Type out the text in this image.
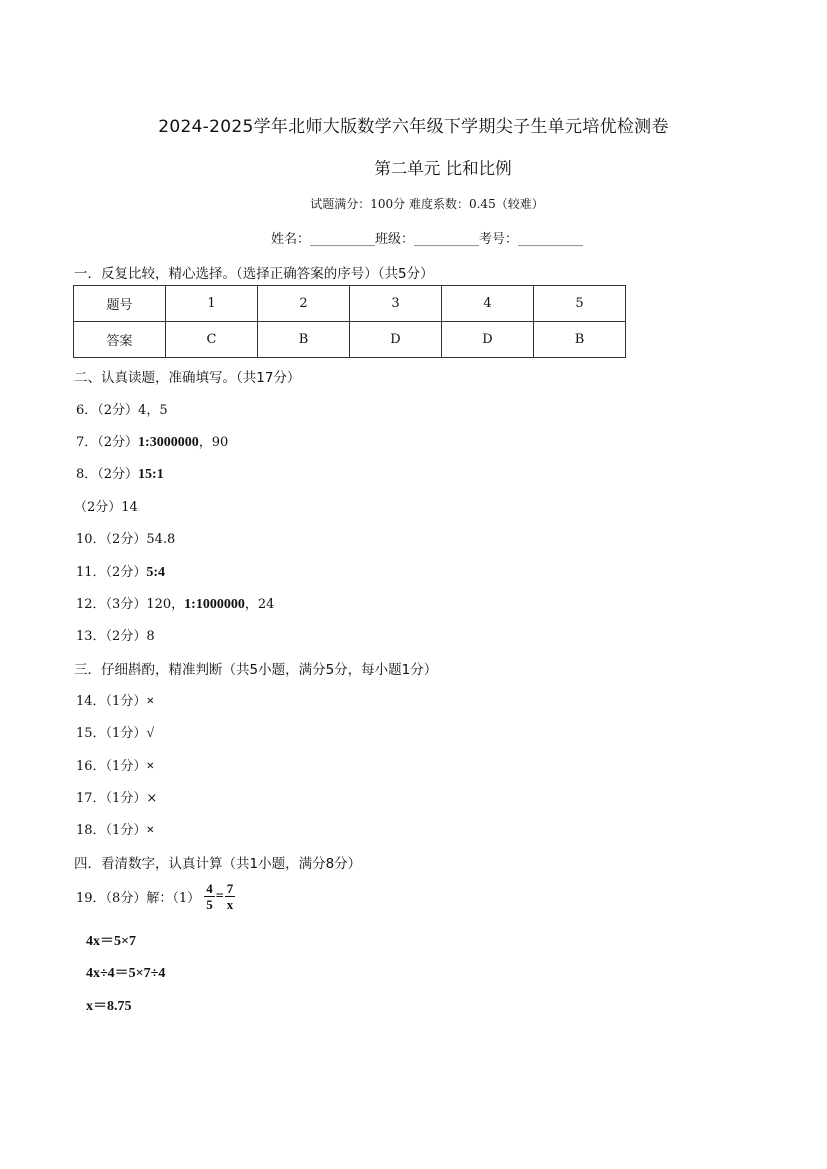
2024-2025学年北师大版数学六年级下学期尖子生单元培优检测卷
第二单元 比和比例
试题满分：100分 难度系数：0.45（较难）
姓名：__________班级：__________考号：__________
一．反复比较，精心选择。（选择正确答案的序号）（共5分）
题号	1	2	3	4	5
答案	C	B	D	D	B
二、认真读题，准确填写。（共17分）
6．（2分）4，5
7．（2分）1:3000000，90
8．（2分）15:1
（2分）14
10．（2分）54.8
11．（2分）5:4
12．（3分）120，1:1000000，24
13．（2分）8
三．仔细斟酌，精准判断（共5小题，满分5分，每小题1分）
14．（1分）×
15．（1分）√
16．（1分）×
17．（1分）×
18．（1分）×
四．看清数字，认真计算（共1小题，满分8分）
19．（8分）解：$(1) \frac{4}{5} = \frac{7}{x}$
4x＝5×7
4x÷4＝5×7÷4
x＝8.75
